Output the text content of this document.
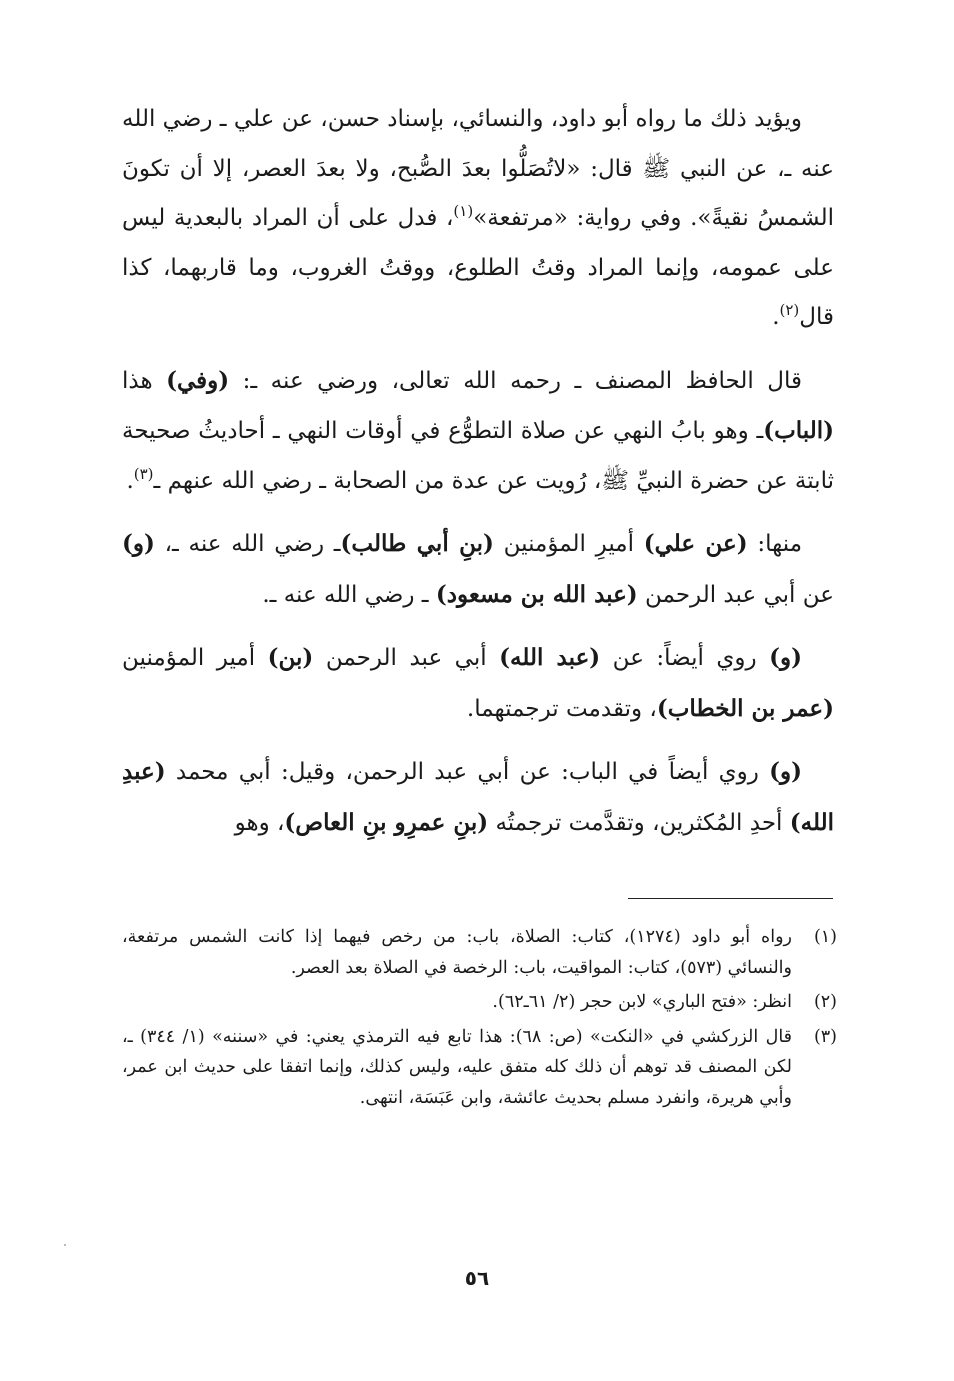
ويؤيد ذلك ما رواه أبو داود، والنسائي، بإسناد حسن، عن علي ـ رضي الله عنه ـ، عن النبي ﷺ قال: «لاتُصَلُّوا بعدَ الصُّبح، ولا بعدَ العصر، إلا أن تكونَ الشمسُ نقيةً». وفي رواية: «مرتفعة»$^{(١)}$، فدل على أن المراد بالبعدية ليس على عمومه، وإنما المراد وقتُ الطلوع، ووقتُ الغروب، وما قاربهما، كذا قال$^{(٢)}$.

قال الحافظ المصنف ـ رحمه الله تعالى، ورضي عنه ـ: (وفي) هذا (الباب)ـ وهو بابُ النهي عن صلاة التطوُّع في أوقات النهي ـ أحاديثُ صحيحة ثابتة عن حضرة النبيِّ ﷺ، رُويت عن عدة من الصحابة ـ رضي الله عنهم ـ$^{(٣)}$.

منها: (عن علي) أميرِ المؤمنين (بنِ أبي طالب)ـ رضي الله عنه ـ، (و) عن أبي عبد الرحمن (عبد الله بن مسعود) ـ رضي الله عنه ـ.

(و) روي أيضاً: عن (عبد الله) أبي عبد الرحمن (بن) أمير المؤمنين (عمر بن الخطاب)، وتقدمت ترجمتهما.

(و) روي أيضاً في الباب: عن أبي عبد الرحمن، وقيل: أبي محمد (عبدِ الله) أحدِ المُكثرين، وتقدَّمت ترجمتُه (بنِ عمرِو بنِ العاص)، وهو

(١)
رواه أبو داود (١٢٧٤)، كتاب: الصلاة، باب: من رخص فيهما إذا كانت الشمس مرتفعة، والنسائي (٥٧٣)، كتاب: المواقيت، باب: الرخصة في الصلاة بعد العصر.
(٢)
انظر: «فتح الباري» لابن حجر (٢/ ٦١ـ٦٢).
(٣)
قال الزركشي في «النكت» (ص: ٦٨): هذا تابع فيه الترمذي يعني: في «سننه» (١/ ٣٤٤) ـ، لكن المصنف قد توهم أن ذلك كله متفق عليه، وليس كذلك، وإنما اتفقا على حديث ابن عمر، وأبي هريرة، وانفرد مسلم بحديث عائشة، وابن عَبَسَة، انتهى.
٥٦
